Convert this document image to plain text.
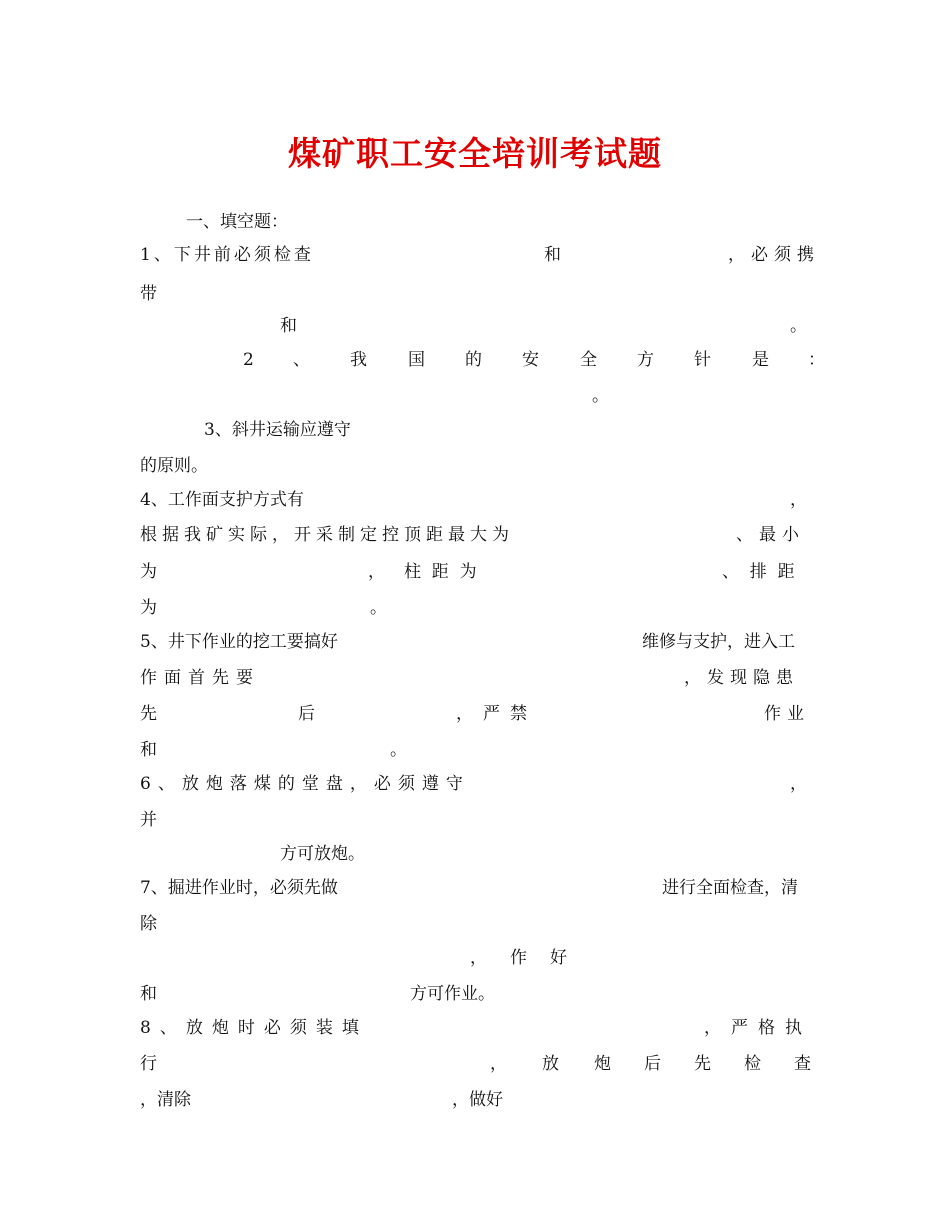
煤矿职工安全培训考试题
一、填空题：
1、下井前必须检查	和	，必须携
带
和	。
2 、 我 国 的 安 全 方 针 是 ：
。
3、斜井运输应遵守
的原则。
4、工作面支护方式有	，
根据我矿实际，开采制定控顶距最大为	、最小
为	， 柱  距  为	、  排  距
为	。
5、井下作业的挖工要搞好	维修与支护，进入工
作面首先要	，发现隐患
先	后	，严禁	作业
和	。
6、放炮落煤的堂盘，必须遵守	，
并
方可放炮。
7、掘进作业时，必须先做	进行全面检查，清
除
， 作 好
和	方可作业。
8、放炮时必须装填	，严格执
行	， 放 炮 后 先 检 查
，清除	，做好
